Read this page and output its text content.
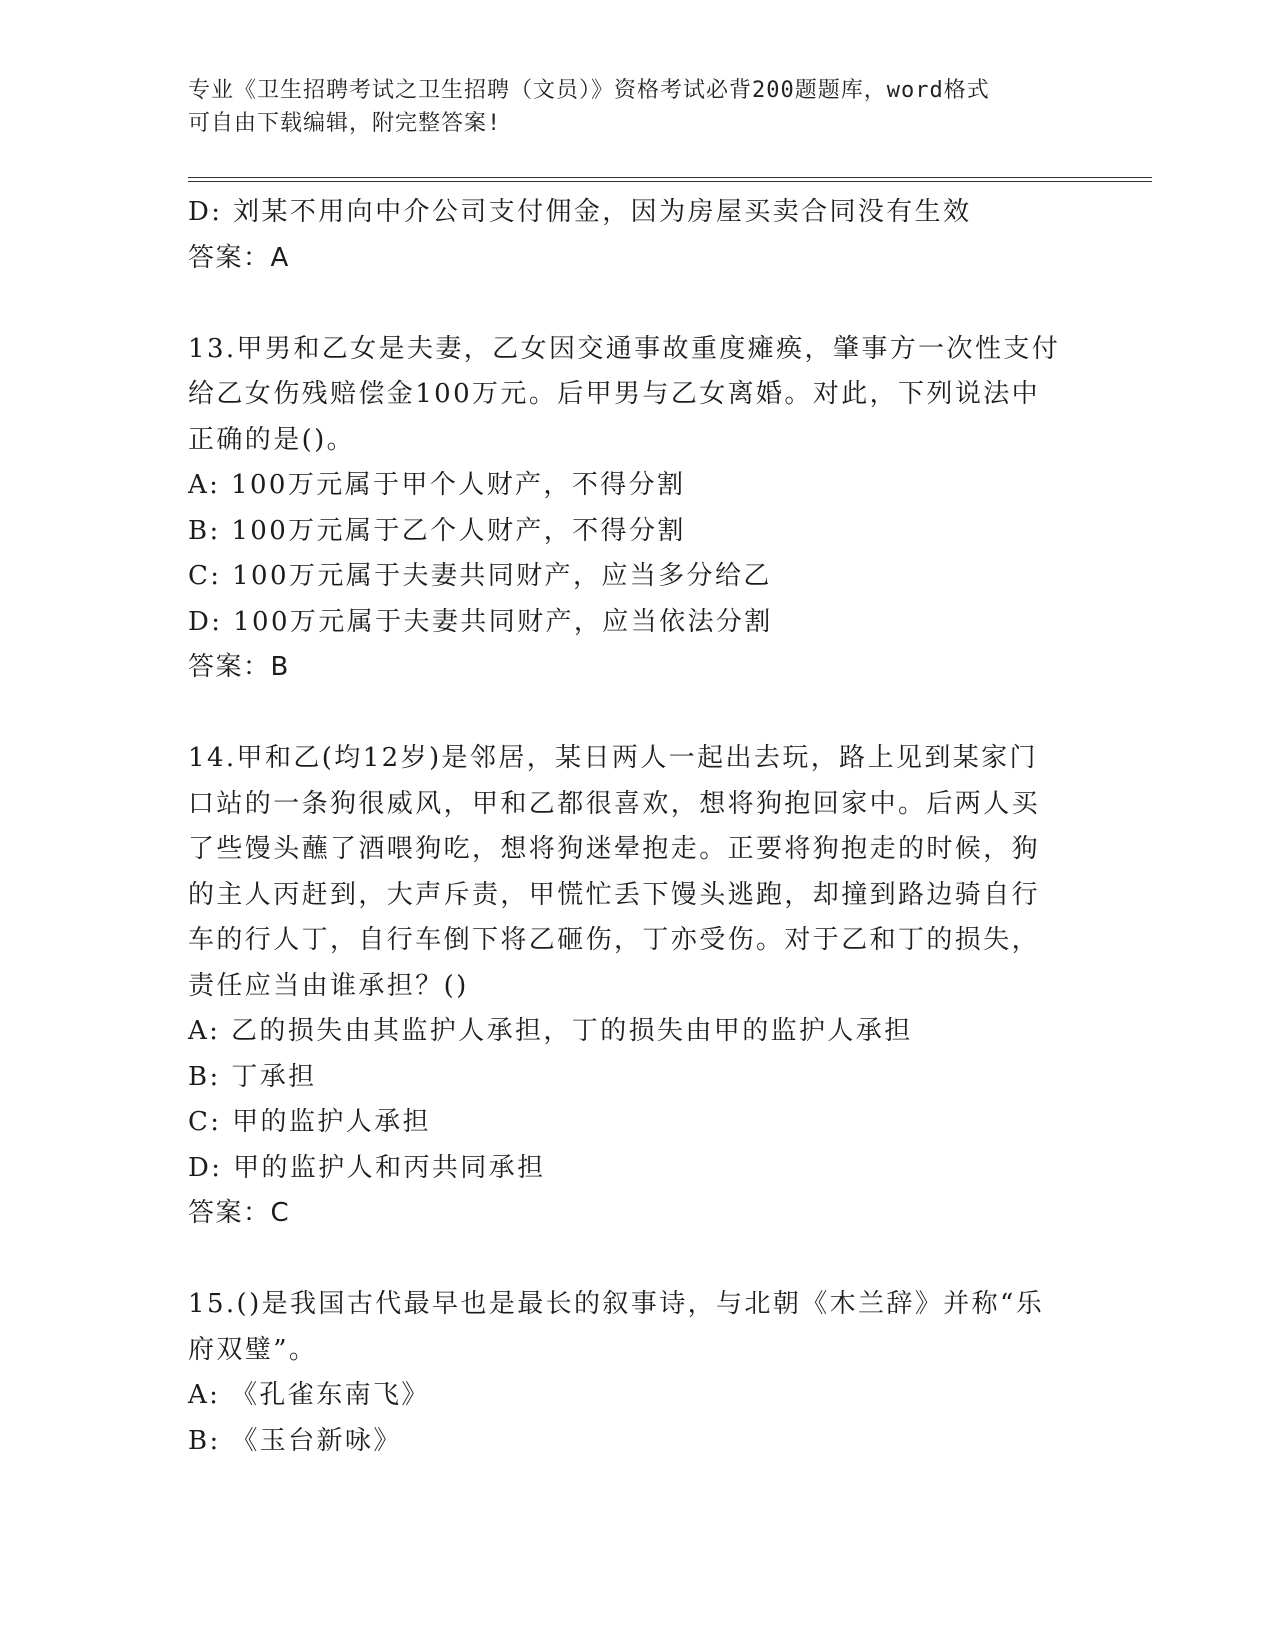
专业《卫生招聘考试之卫生招聘（文员）》资格考试必背200题题库，word格式
可自由下载编辑，附完整答案!
D: 刘某不用向中介公司支付佣金，因为房屋买卖合同没有生效
答案：A
13.甲男和乙女是夫妻，乙女因交通事故重度瘫痪，肇事方一次性支付
给乙女伤残赔偿金100万元。后甲男与乙女离婚。对此，下列说法中
正确的是()。
A: 100万元属于甲个人财产，不得分割
B: 100万元属于乙个人财产，不得分割
C: 100万元属于夫妻共同财产，应当多分给乙
D: 100万元属于夫妻共同财产，应当依法分割
答案：B
14.甲和乙(均12岁)是邻居，某日两人一起出去玩，路上见到某家门
口站的一条狗很威风，甲和乙都很喜欢，想将狗抱回家中。后两人买
了些馒头蘸了酒喂狗吃，想将狗迷晕抱走。正要将狗抱走的时候，狗
的主人丙赶到，大声斥责，甲慌忙丢下馒头逃跑，却撞到路边骑自行
车的行人丁，自行车倒下将乙砸伤，丁亦受伤。对于乙和丁的损失，
责任应当由谁承担？()
A: 乙的损失由其监护人承担，丁的损失由甲的监护人承担
B: 丁承担
C: 甲的监护人承担
D: 甲的监护人和丙共同承担
答案：C
15.()是我国古代最早也是最长的叙事诗，与北朝《木兰辞》并称“乐
府双璧”。
A: 《孔雀东南飞》
B: 《玉台新咏》
